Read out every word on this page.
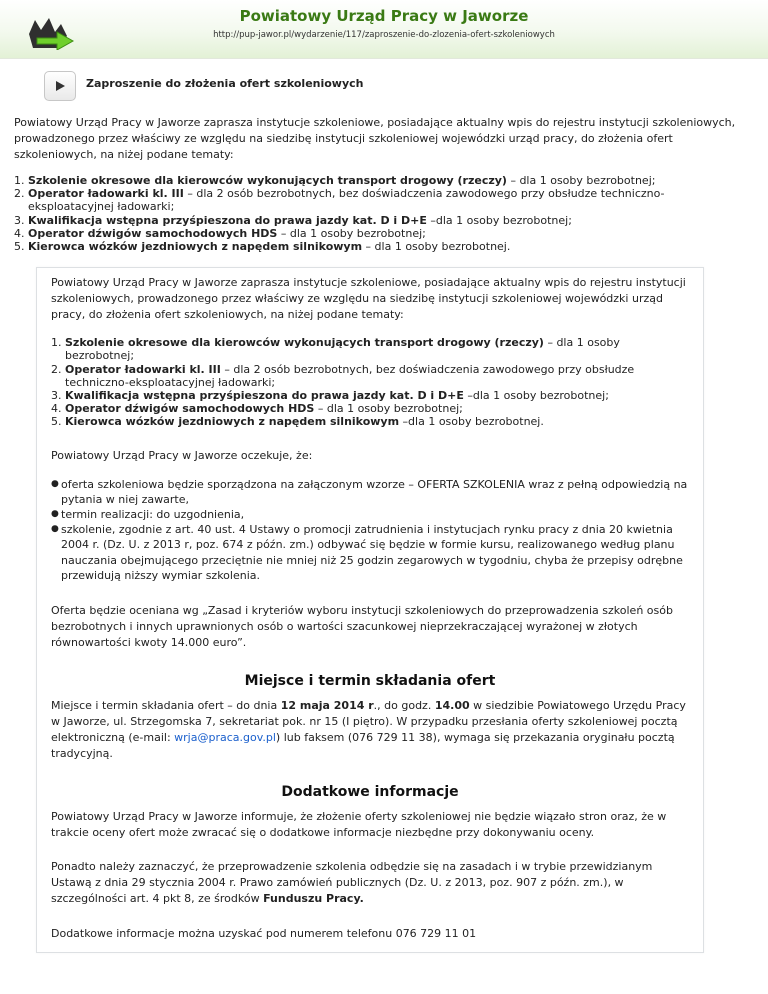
Powiatowy Urząd Pracy w Jaworze
http://pup-jawor.pl/wydarzenie/117/zaproszenie-do-zlozenia-ofert-szkoleniowych
Zaproszenie do złożenia ofert szkoleniowych

Powiatowy Urząd Pracy w Jaworze zaprasza instytucje szkoleniowe, posiadające aktualny wpis do rejestru instytucji szkoleniowych, prowadzonego przez właściwy ze względu na siedzibę instytucji szkoleniowej wojewódzki urząd pracy, do złożenia ofert szkoleniowych, na niżej podane tematy:

1. Szkolenie okresowe dla kierowców wykonujących transport drogowy (rzeczy) – dla 1 osoby bezrobotnej;
2. Operator ładowarki kl. III – dla 2 osób bezrobotnych, bez doświadczenia zawodowego przy obsłudze techniczno-eksploatacyjnej ładowarki;
3. Kwalifikacja wstępna przyśpieszona do prawa jazdy kat. D i D+E –dla 1 osoby bezrobotnej;
4. Operator dźwigów samochodowych HDS – dla 1 osoby bezrobotnej;
5. Kierowca wózków jezdniowych z napędem silnikowym – dla 1 osoby bezrobotnej.

Powiatowy Urząd Pracy w Jaworze zaprasza instytucje szkoleniowe, posiadające aktualny wpis do rejestru instytucji szkoleniowych, prowadzonego przez właściwy ze względu na siedzibę instytucji szkoleniowej wojewódzki urząd pracy, do złożenia ofert szkoleniowych, na niżej podane tematy:

1. Szkolenie okresowe dla kierowców wykonujących transport drogowy (rzeczy) – dla 1 osoby bezrobotnej;
2. Operator ładowarki kl. III – dla 2 osób bezrobotnych, bez doświadczenia zawodowego przy obsłudze techniczno-eksploatacyjnej ładowarki;
3. Kwalifikacja wstępna przyśpieszona do prawa jazdy kat. D i D+E –dla 1 osoby bezrobotnej;
4. Operator dźwigów samochodowych HDS – dla 1 osoby bezrobotnej;
5. Kierowca wózków jezdniowych z napędem silnikowym –dla 1 osoby bezrobotnej.

Powiatowy Urząd Pracy w Jaworze oczekuje, że:

● oferta szkoleniowa będzie sporządzona na załączonym wzorze – OFERTA SZKOLENIA wraz z pełną odpowiedzią na pytania w niej zawarte,
● termin realizacji: do uzgodnienia,
● szkolenie, zgodnie z art. 40 ust. 4 Ustawy o promocji zatrudnienia i instytucjach rynku pracy z dnia 20 kwietnia 2004 r. (Dz. U. z 2013 r, poz. 674 z późn. zm.) odbywać się będzie w formie kursu, realizowanego według planu nauczania obejmującego przeciętnie nie mniej niż 25 godzin zegarowych w tygodniu, chyba że przepisy odrębne przewidują niższy wymiar szkolenia.

Oferta będzie oceniana wg „Zasad i kryteriów wyboru instytucji szkoleniowych do przeprowadzenia szkoleń osób bezrobotnych i innych uprawnionych osób o wartości szacunkowej nieprzekraczającej wyrażonej w złotych równowartości kwoty 14.000 euro”.

Miejsce i termin składania ofert

Miejsce i termin składania ofert – do dnia 12 maja 2014 r., do godz. 14.00 w siedzibie Powiatowego Urzędu Pracy w Jaworze, ul. Strzegomska 7, sekretariat pok. nr 15 (I piętro). W przypadku przesłania oferty szkoleniowej pocztą elektroniczną (e-mail: wrja@praca.gov.pl) lub faksem (076 729 11 38), wymaga się przekazania oryginału pocztą tradycyjną.

Dodatkowe informacje

Powiatowy Urząd Pracy w Jaworze informuje, że złożenie oferty szkoleniowej nie będzie wiązało stron oraz, że w trakcie oceny ofert może zwracać się o dodatkowe informacje niezbędne przy dokonywaniu oceny.

Ponadto należy zaznaczyć, że przeprowadzenie szkolenia odbędzie się na zasadach i w trybie przewidzianym Ustawą z dnia 29 stycznia 2004 r. Prawo zamówień publicznych (Dz. U. z 2013, poz. 907 z późn. zm.), w szczególności art. 4 pkt 8, ze środków Funduszu Pracy.

Dodatkowe informacje można uzyskać pod numerem telefonu 076 729 11 01
